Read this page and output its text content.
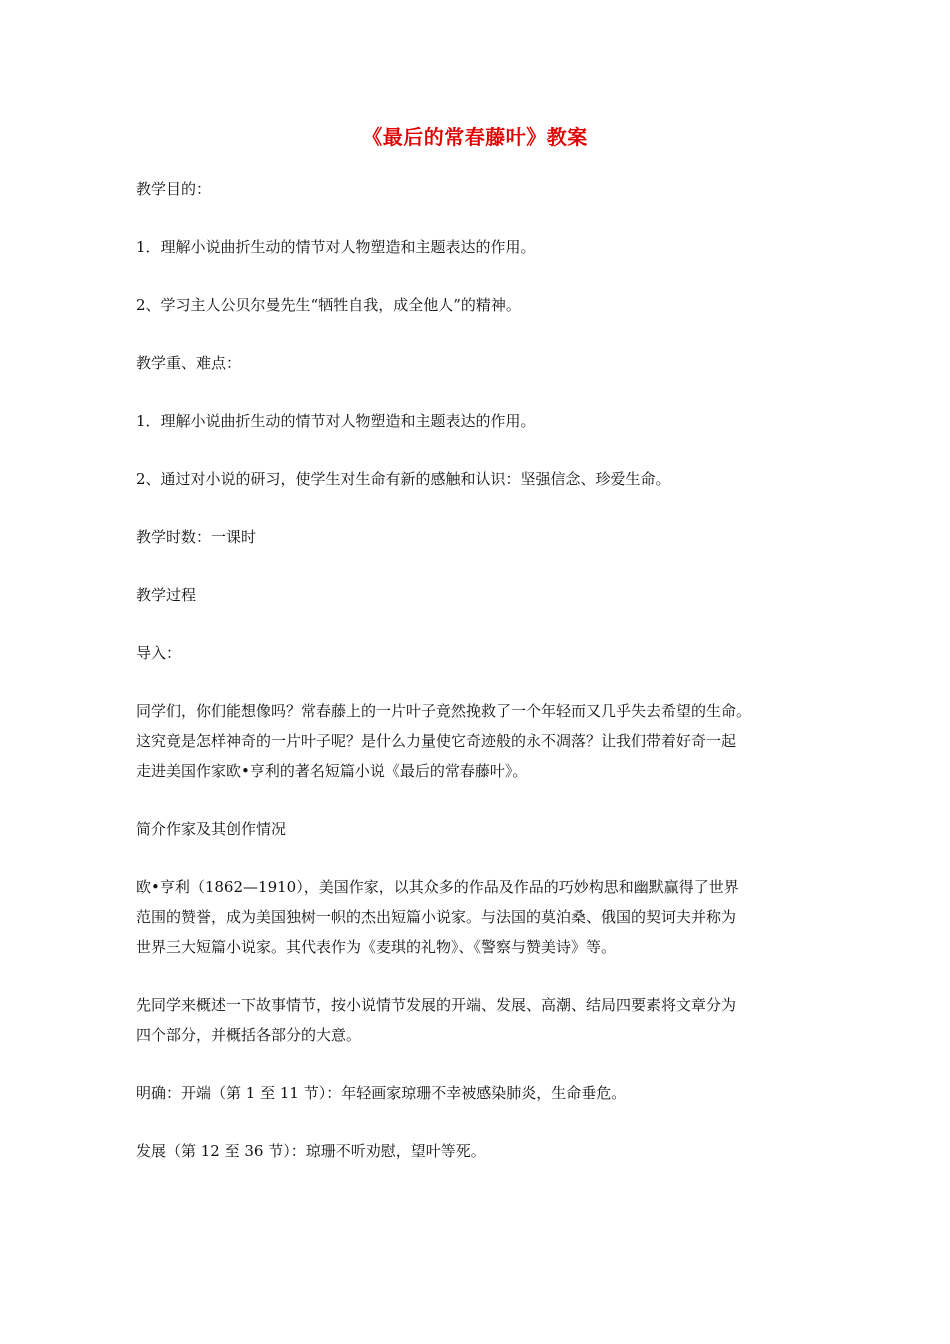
《最后的常春藤叶》教案

教学目的：

1．理解小说曲折生动的情节对人物塑造和主题表达的作用。

2、学习主人公贝尔曼先生“牺牲自我，成全他人”的精神。

教学重、难点：

1．理解小说曲折生动的情节对人物塑造和主题表达的作用。

2、通过对小说的研习，使学生对生命有新的感触和认识：坚强信念、珍爱生命。

教学时数：一课时

教学过程

导入：

同学们，你们能想像吗？常春藤上的一片叶子竟然挽救了一个年轻而又几乎失去希望的生命。
这究竟是怎样神奇的一片叶子呢？是什么力量使它奇迹般的永不凋落？让我们带着好奇一起
走进美国作家欧•亨利的著名短篇小说《最后的常春藤叶》。

简介作家及其创作情况

欧•亨利（1862—1910），美国作家，以其众多的作品及作品的巧妙构思和幽默赢得了世界
范围的赞誉，成为美国独树一帜的杰出短篇小说家。与法国的莫泊桑、俄国的契诃夫并称为
世界三大短篇小说家。其代表作为《麦琪的礼物》、《警察与赞美诗》等。

先同学来概述一下故事情节，按小说情节发展的开端、发展、高潮、结局四要素将文章分为
四个部分，并概括各部分的大意。

明确：开端（第 1 至 11 节）：年轻画家琼珊不幸被感染肺炎，生命垂危。

发展（第 12 至 36 节）：琼珊不听劝慰，望叶等死。
